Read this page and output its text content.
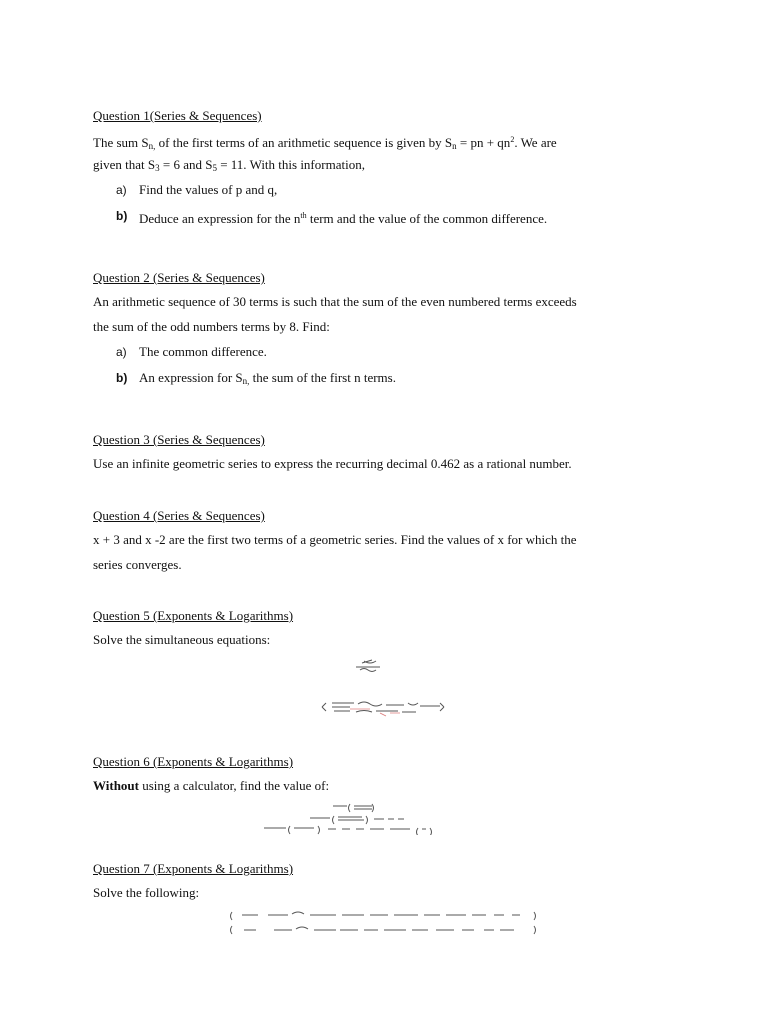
Question 1(Series & Sequences)
The sum $S_{n,}$ of the first terms of an arithmetic sequence is given by $S_n$ = pn + $qn^2$. We are
given that $S_3 = 6$ and $S_5 = 11$. With this information,
a) Find the values of p and q,
b) Deduce an expression for the $n^{th}$ term and the value of the common difference.
Question 2 (Series & Sequences)
An arithmetic sequence of 30 terms is such that the sum of the even numbered terms exceeds
the sum of the odd numbers terms by 8. Find:
a) The common difference.
b) An expression for $S_{n,}$ the sum of the first n terms.
Question 3 (Series & Sequences)
Use an infinite geometric series to express the recurring decimal 0.462 as a rational number.
Question 4 (Series & Sequences)
x + 3 and x -2 are the first two terms of a geometric series. Find the values of x for which the
series converges.
Question 5 (Exponents & Logarithms)
Solve the simultaneous equations:
Question 6 (Exponents & Logarithms)
Without using a calculator, find the value of:
Question 7 (Exponents & Logarithms)
Solve the following:
